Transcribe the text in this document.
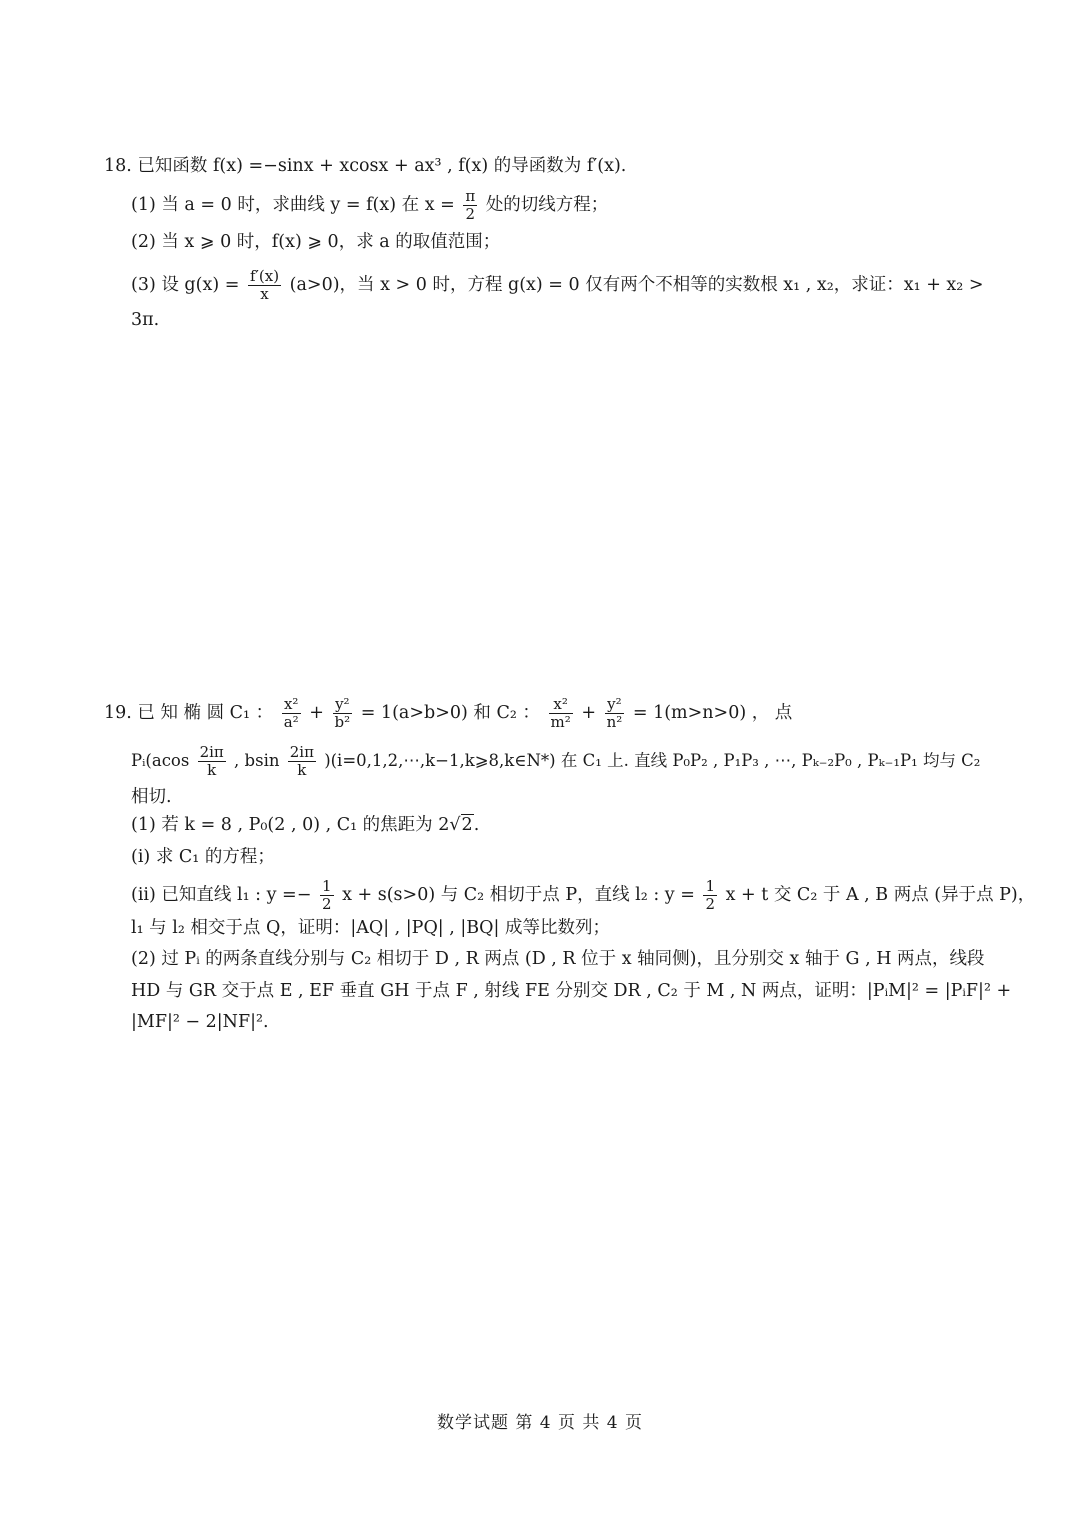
18. 已知函数 f(x) =−sinx + xcosx + ax³ , f(x) 的导函数为 f′(x).
(1) 当 a = 0 时，求曲线 y = f(x) 在 $x = \frac{\pi}{2}$ 处的切线方程；
(2) 当 x ⩾ 0 时，f(x) ⩾ 0，求 a 的取值范围；
(3) 设 $g(x) = \frac{f'(x)}{x} (a>0)$，当 x > 0 时，方程 g(x) = 0 仅有两个不相等的实数根 x₁ , x₂，求证：x₁ + x₂ >
3π.
19. 已 知 椭 圆 C₁ ： $\frac{\text{x²}}{\text{a²}} + \frac{\text{y²}}{\text{b²}} = 1(a>b>0)$ 和 C₂ ： $\frac{\text{x²}}{\text{m²}} + \frac{\text{y²}}{\text{n²}} = 1(m>n>0)$ ， 点
Pᵢ(acos $\frac{2i\pi}{k}$ , bsin $\frac{2i\pi}{k}$ )(i=0,1,2,⋯,k−1,k⩾8,k∈N*) 在 C₁ 上. 直线 P₀P₂ , P₁P₃ , ⋯, Pₖ₋₂P₀ , Pₖ₋₁P₁ 均与 C₂
相切.
(1) 若 k = 8 , P₀(2 , 0) , C₁ 的焦距为 2√2.
(i) 求 C₁ 的方程；
(ii) 已知直线 l₁ : $y =- \frac{1}{2}$ x + s(s>0) 与 C₂ 相切于点 P，直线 l₂ : $y = \frac{1}{2}$ x + t 交 C₂ 于 A , B 两点 (异于点 P)，
l₁ 与 l₂ 相交于点 Q，证明：|AQ| , |PQ| , |BQ| 成等比数列；
(2) 过 Pᵢ 的两条直线分别与 C₂ 相切于 D , R 两点 (D , R 位于 x 轴同侧)，且分别交 x 轴于 G , H 两点，线段
HD 与 GR 交于点 E , EF 垂直 GH 于点 F , 射线 FE 分别交 DR , C₂ 于 M , N 两点，证明：|PᵢM|² = |PᵢF|² +
|MF|² − 2|NF|².
数学试题 第 4 页 共 4 页
